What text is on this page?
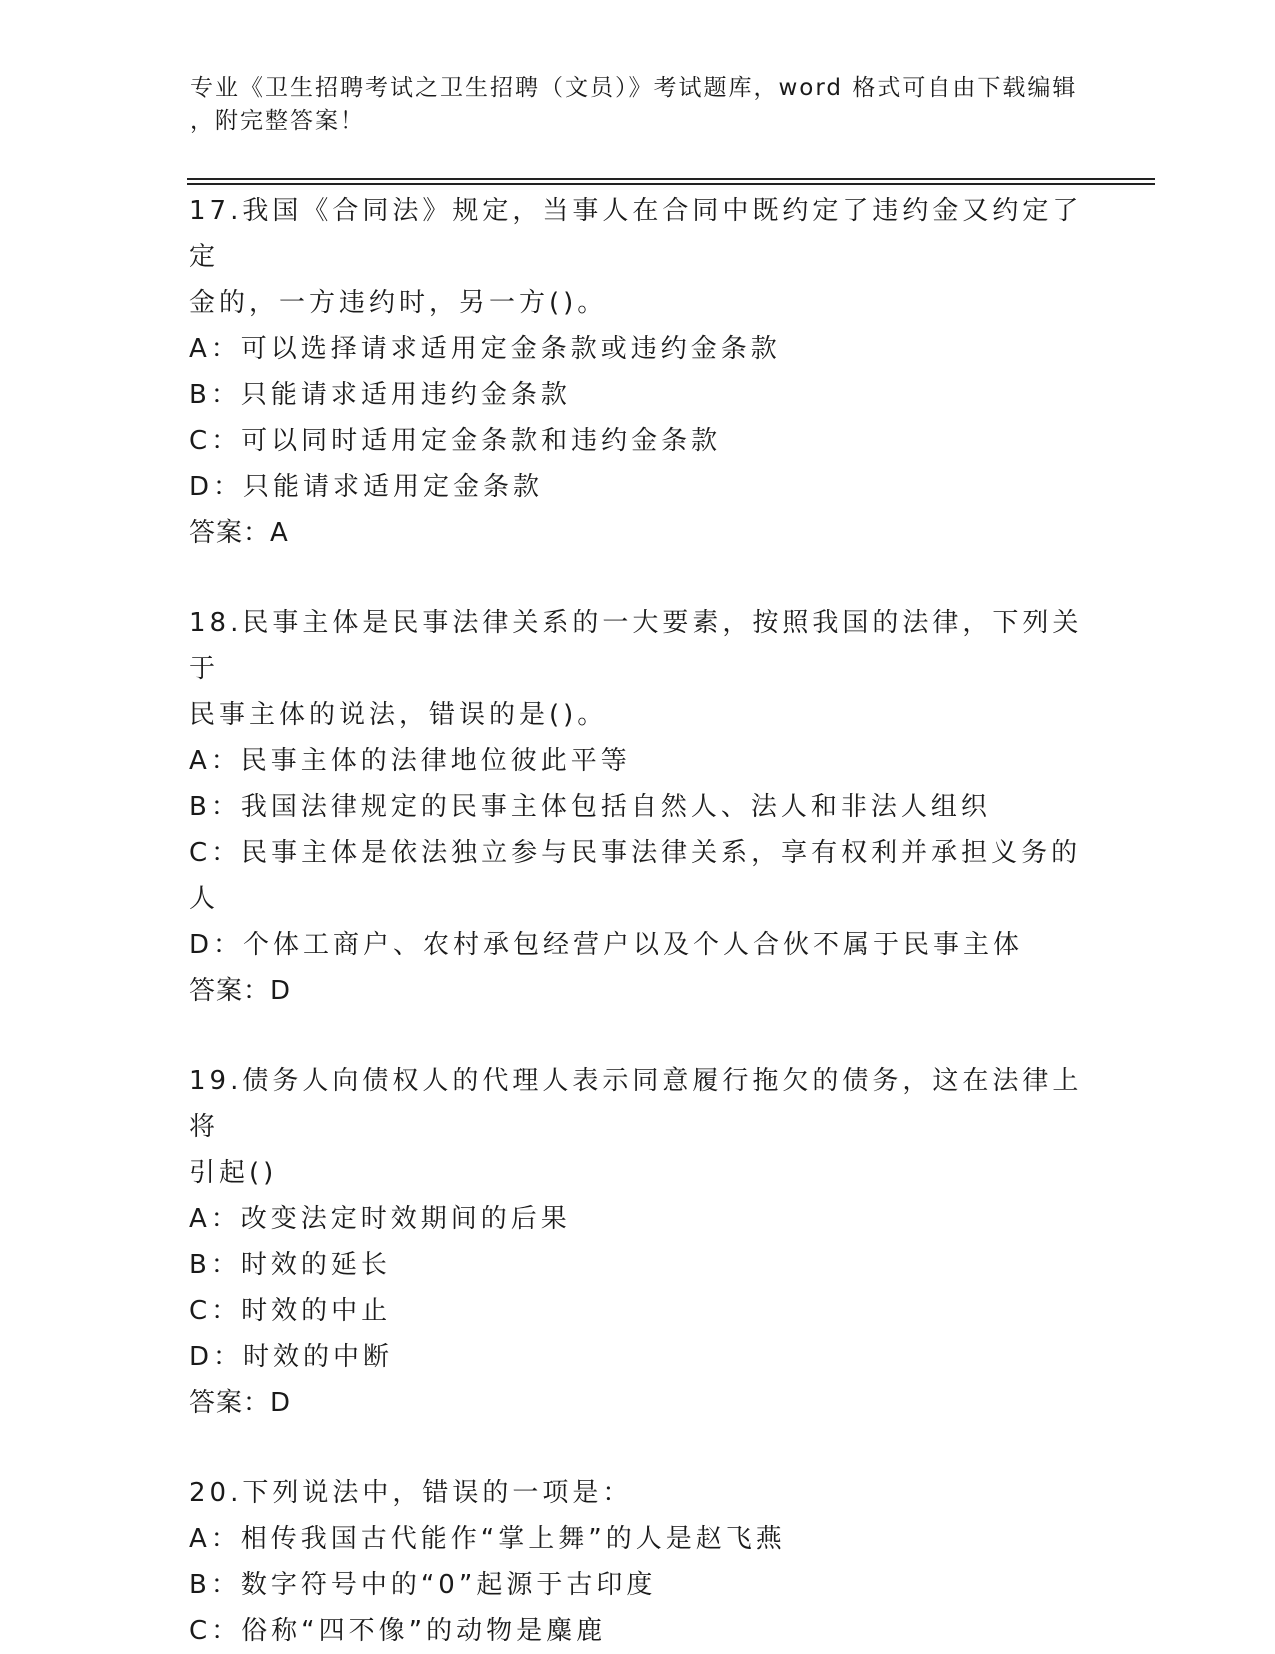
专业《卫生招聘考试之卫生招聘（文员）》考试题库，word 格式可自由下载编辑
，附完整答案！
17.我国《合同法》规定，当事人在合同中既约定了违约金又约定了定
金的，一方违约时，另一方()。
A：可以选择请求适用定金条款或违约金条款
B：只能请求适用违约金条款
C：可以同时适用定金条款和违约金条款
D：只能请求适用定金条款
答案：A
18.民事主体是民事法律关系的一大要素，按照我国的法律，下列关于
民事主体的说法，错误的是()。
A：民事主体的法律地位彼此平等
B：我国法律规定的民事主体包括自然人、法人和非法人组织
C：民事主体是依法独立参与民事法律关系，享有权利并承担义务的人
D：个体工商户、农村承包经营户以及个人合伙不属于民事主体
答案：D
19.债务人向债权人的代理人表示同意履行拖欠的债务，这在法律上将
引起()
A：改变法定时效期间的后果
B：时效的延长
C：时效的中止
D：时效的中断
答案：D
20.下列说法中，错误的一项是：
A：相传我国古代能作“掌上舞”的人是赵飞燕
B：数字符号中的“0”起源于古印度
C：俗称“四不像”的动物是麋鹿
